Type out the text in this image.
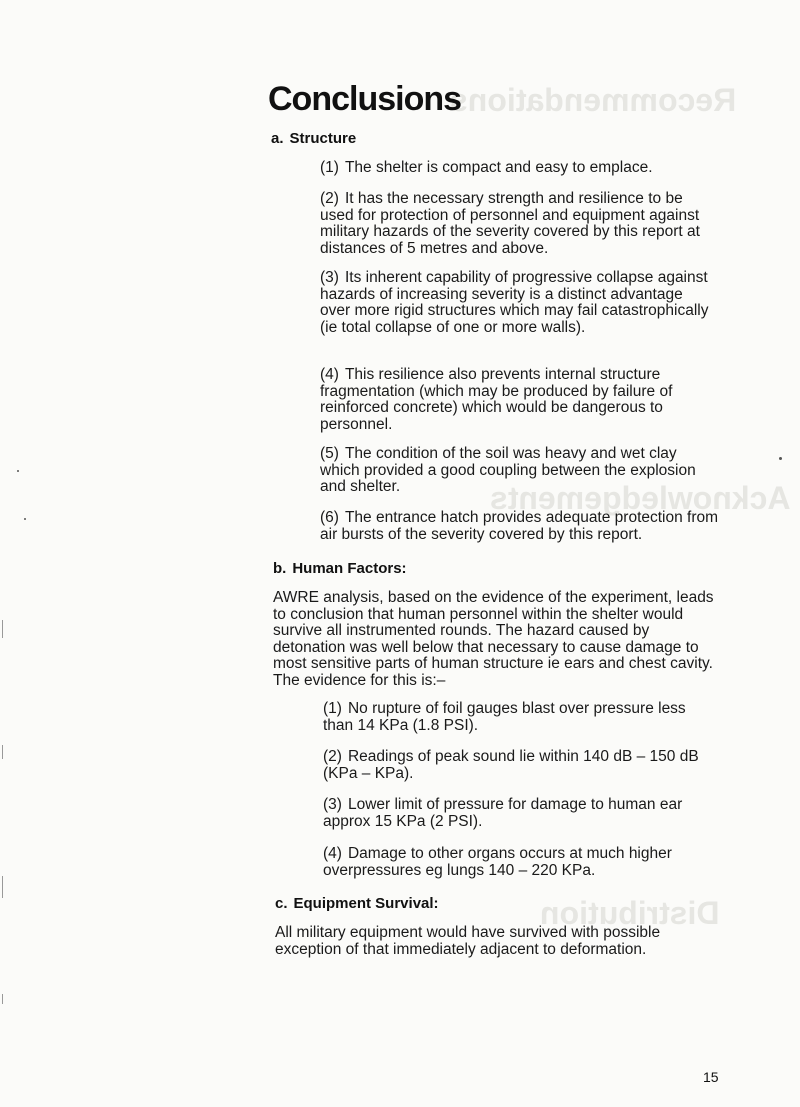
Recommendations
Acknowledgements
Distribution
Conclusions
a. Structure
(1) The shelter is compact and easy to emplace.
(2) It has the necessary strength and resilience to be used for protection of personnel and equipment against military hazards of the severity covered by this report at distances of 5 metres and above.
(3) Its inherent capability of progressive collapse against hazards of increasing severity is a distinct advantage over more rigid structures which may fail catastrophically (ie total collapse of one or more walls).
(4) This resilience also prevents internal structure fragmentation (which may be produced by failure of reinforced concrete) which would be dangerous to personnel.
(5) The condition of the soil was heavy and wet clay which provided a good coupling between the explosion and shelter.
(6) The entrance hatch provides adequate protection from air bursts of the severity covered by this report.
b. Human Factors:
AWRE analysis, based on the evidence of the experiment, leads to conclusion that human personnel within the shelter would survive all instrumented rounds. The hazard caused by detonation was well below that necessary to cause damage to most sensitive parts of human structure ie ears and chest cavity. The evidence for this is:–
(1) No rupture of foil gauges blast over pressure less than 14 KPa (1.8 PSI).
(2) Readings of peak sound lie within 140 dB – 150 dB (KPa – KPa).
(3) Lower limit of pressure for damage to human ear approx 15 KPa (2 PSI).
(4) Damage to other organs occurs at much higher overpressures eg lungs 140 – 220 KPa.
c. Equipment Survival:
All military equipment would have survived with possible exception of that immediately adjacent to deformation.
15
